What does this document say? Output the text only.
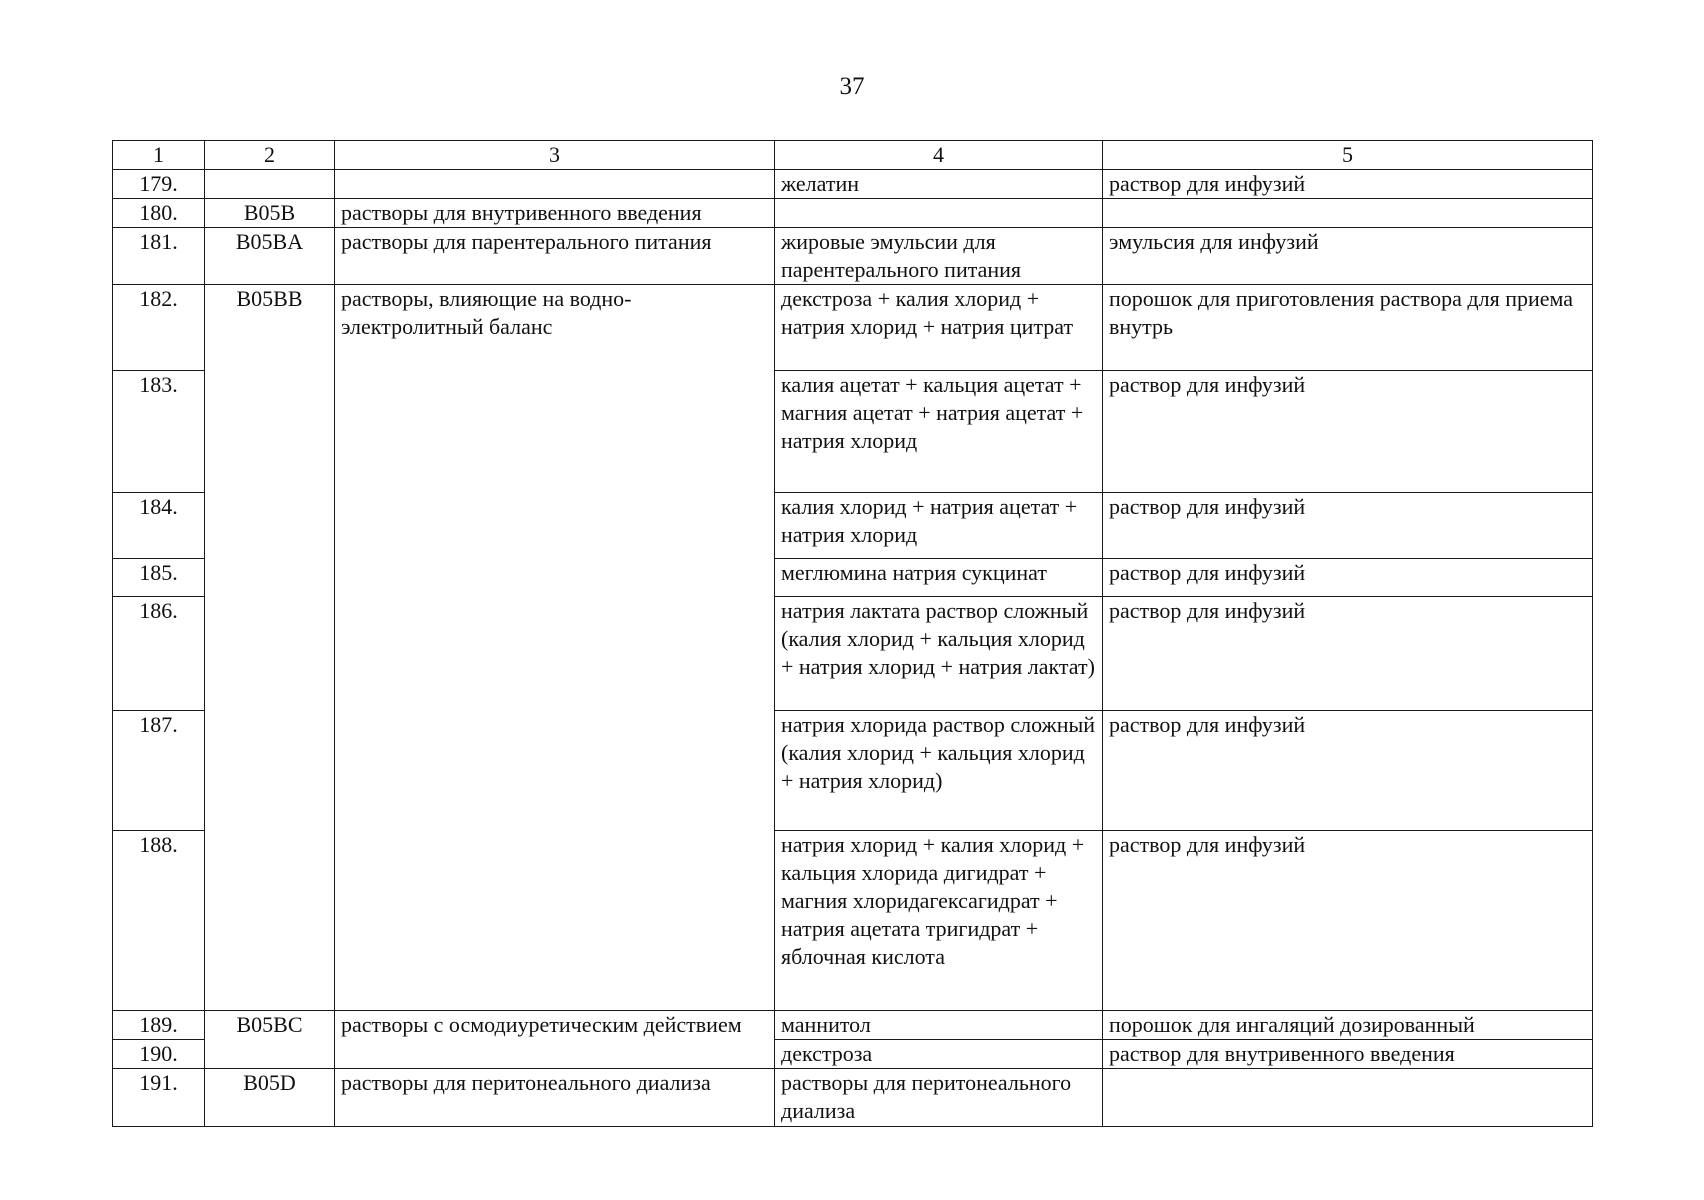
37
1	2	3	4	5
179.			желатин	раствор для инфузий
180.	B05B	растворы для внутривенного введения		
181.	B05BA	растворы для парентерального питания	жировые эмульсии для парентерального питания	эмульсия для инфузий
182.	B05BB	растворы, влияющие на водно-электролитный баланс	декстроза + калия хлорид + натрия хлорид + натрия цитрат	порошок для приготовления раствора для приема внутрь
183.			калия ацетат + кальция ацетат + магния ацетат + натрия ацетат + натрия хлорид	раствор для инфузий
184.			калия хлорид + натрия ацетат + натрия хлорид	раствор для инфузий
185.			меглюмина натрия сукцинат	раствор для инфузий
186.			натрия лактата раствор сложный (калия хлорид + кальция хлорид + натрия хлорид + натрия лактат)	раствор для инфузий
187.			натрия хлорида раствор сложный (калия хлорид + кальция хлорид + натрия хлорид)	раствор для инфузий
188.			натрия хлорид + калия хлорид + кальция хлорида дигидрат + магния хлоридагексагидрат + натрия ацетата тригидрат + яблочная кислота	раствор для инфузий
189.	B05BC	растворы с осмодиуретическим действием	маннитол	порошок для ингаляций дозированный
190.			декстроза	раствор для внутривенного введения
191.	B05D	растворы для перитонеального диализа	растворы для перитонеального диализа	
